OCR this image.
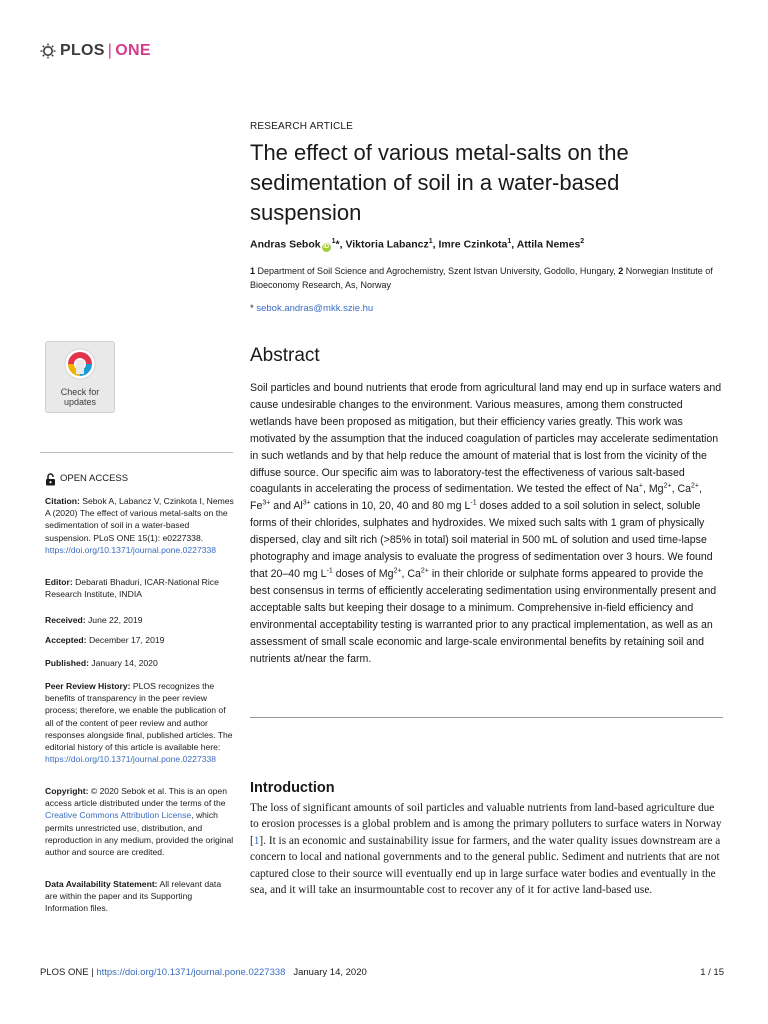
PLOS | ONE
RESEARCH ARTICLE
The effect of various metal-salts on the sedimentation of soil in a water-based suspension
Andras Sebok $iD^1*$, Viktoria Labancz$^1$, Imre Czinkota$^1$, Attila Nemes$^2$
1 Department of Soil Science and Agrochemistry, Szent Istvan University, Godollo, Hungary, 2 Norwegian Institute of Bioeconomy Research, As, Norway
* sebok.andras@mkk.szie.hu
Abstract

Soil particles and bound nutrients that erode from agricultural land may end up in surface waters and cause undesirable changes to the environment. Various measures, among them constructed wetlands have been proposed as mitigation, but their efficiency varies greatly. This work was motivated by the assumption that the induced coagulation of particles may accelerate sedimentation in such wetlands and by that help reduce the amount of material that is lost from the vicinity of the diffuse source. Our specific aim was to laboratory-test the effectiveness of various salt-based coagulants in accelerating the process of sedimentation. We tested the effect of Na+, $Mg^{2+}$, $Ca^{2+}$, $Fe^{3+}$ and $Al^{3+}$ cations in 10, 20, 40 and 80 mg $L^{-1}$ doses added to a soil solution in select, soluble forms of their chlorides, sulphates and hydroxides. We mixed such salts with 1 gram of physically dispersed, clay and silt rich (>85% in total) soil material in 500 mL of solution and used time-lapse photography and image analysis to evaluate the progress of sedimentation over 3 hours. We found that 20–40 mg $L^{-1}$ doses of $Mg^{2+}$, $Ca^{2+}$ in their chloride or sulphate forms appeared to provide the best consensus in terms of efficiently accelerating sedimentation using environmentally present and acceptable salts but keeping their dosage to a minimum. Comprehensive in-field efficiency and environmental acceptability testing is warranted prior to any practical implementation, as well as an assessment of small scale economic and large-scale environmental benefits by retaining soil and nutrients at/near the farm.

Introduction

The loss of significant amounts of soil particles and valuable nutrients from land-based agriculture due to erosion processes is a global problem and is among the primary polluters to surface waters in Norway [1]. It is an economic and sustainability issue for farmers, and the water quality issues downstream are a concern to local and national governments and to the general public. Sediment and nutrients that are not captured close to their source will eventually end up in large surface water bodies and eventually in the sea, and it will take an insurmountable cost to recover any of it for active land-based use.

Check for
updates
OPEN ACCESS

Citation: Sebok A, Labancz V, Czinkota I, Nemes A (2020) The effect of various metal-salts on the sedimentation of soil in a water-based suspension. PLoS ONE 15(1): e0227338. https://doi.org/10.1371/journal.pone.0227338

Editor: Debarati Bhaduri, ICAR-National Rice Research Institute, INDIA

Received: June 22, 2019

Accepted: December 17, 2019

Published: January 14, 2020

Peer Review History: PLOS recognizes the benefits of transparency in the peer review process; therefore, we enable the publication of all of the content of peer review and author responses alongside final, published articles. The editorial history of this article is available here: https://doi.org/10.1371/journal.pone.0227338

Copyright: © 2020 Sebok et al. This is an open access article distributed under the terms of the Creative Commons Attribution License, which permits unrestricted use, distribution, and reproduction in any medium, provided the original author and source are credited.

Data Availability Statement: All relevant data are within the paper and its Supporting Information files.

PLOS ONE | https://doi.org/10.1371/journal.pone.0227338 January 14, 2020	1 / 15
